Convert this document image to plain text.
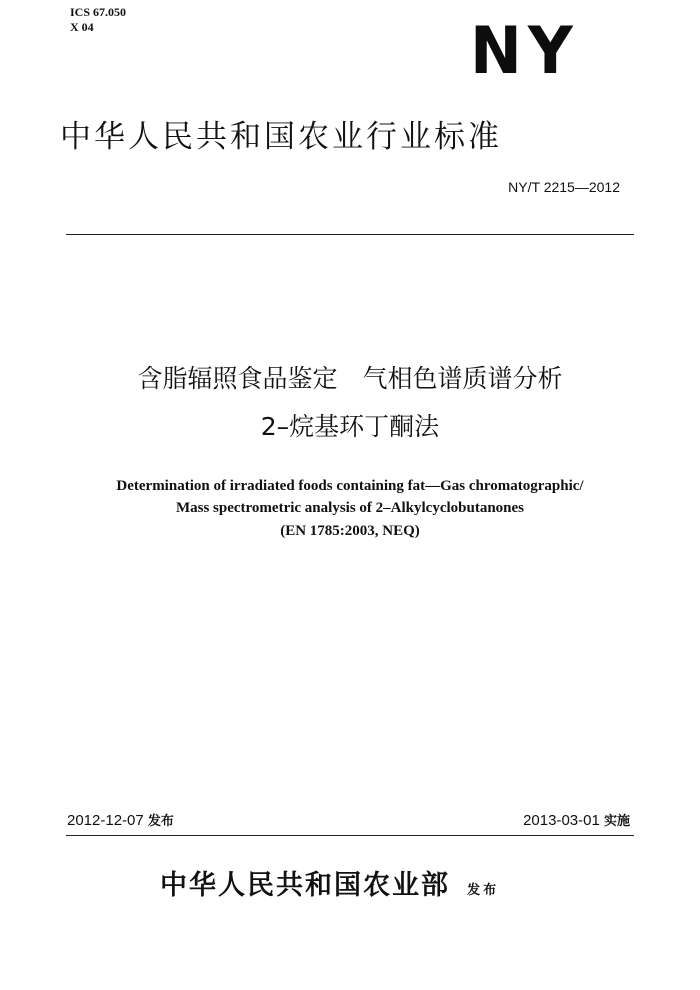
ICS 67.050
X 04	NY
中华人民共和国农业行业标准
NY/T 2215—2012
含脂辐照食品鉴定　气相色谱质谱分析
2–烷基环丁酮法
Determination of irradiated foods containing fat—Gas chromatographic/
Mass spectrometric analysis of 2–Alkylcyclobutanones
(EN 1785:2003, NEQ)
2012-12-07 发布	2013-03-01 实施
中华人民共和国农业部 发布
